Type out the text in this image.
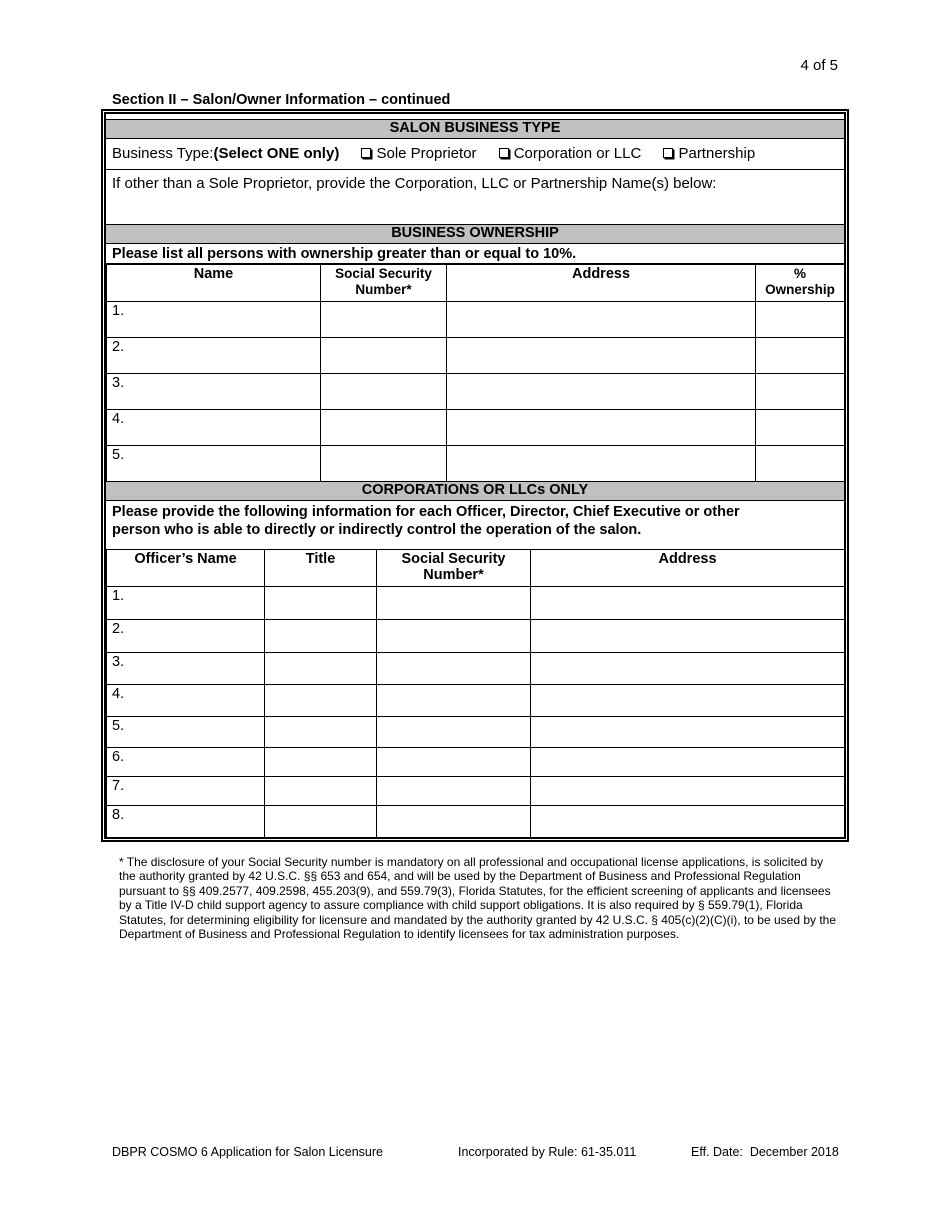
4 of 5
Section II – Salon/Owner Information – continued
SALON BUSINESS TYPE
Business Type:(Select ONE only) Sole Proprietor Corporation or LLC Partnership
If other than a Sole Proprietor, provide the Corporation, LLC or Partnership Name(s) below:
BUSINESS OWNERSHIP
Please list all persons with ownership greater than or equal to 10%.
Name	Social Security Number*	Address	% Ownership
1.			
2.			
3.			
4.			
5.			
CORPORATIONS OR LLCs ONLY
Please provide the following information for each Officer, Director, Chief Executive or other
person who is able to directly or indirectly control the operation of the salon.
Officer’s Name	Title	Social Security Number*	Address
1.			
2.			
3.			
4.			
5.			
6.			
7.			
8.			
* The disclosure of your Social Security number is mandatory on all professional and occupational license applications, is solicited by the authority granted by 42 U.S.C. §§ 653 and 654, and will be used by the Department of Business and Professional Regulation pursuant to §§ 409.2577, 409.2598, 455.203(9), and 559.79(3), Florida Statutes, for the efficient screening of applicants and licensees by a Title IV-D child support agency to assure compliance with child support obligations. It is also required by § 559.79(1), Florida Statutes, for determining eligibility for licensure and mandated by the authority granted by 42 U.S.C. § 405(c)(2)(C)(i), to be used by the Department of Business and Professional Regulation to identify licensees for tax administration purposes.
DBPR COSMO 6 Application for Salon Licensure	Incorporated by Rule: 61-35.011	Eff. Date:  December 2018
